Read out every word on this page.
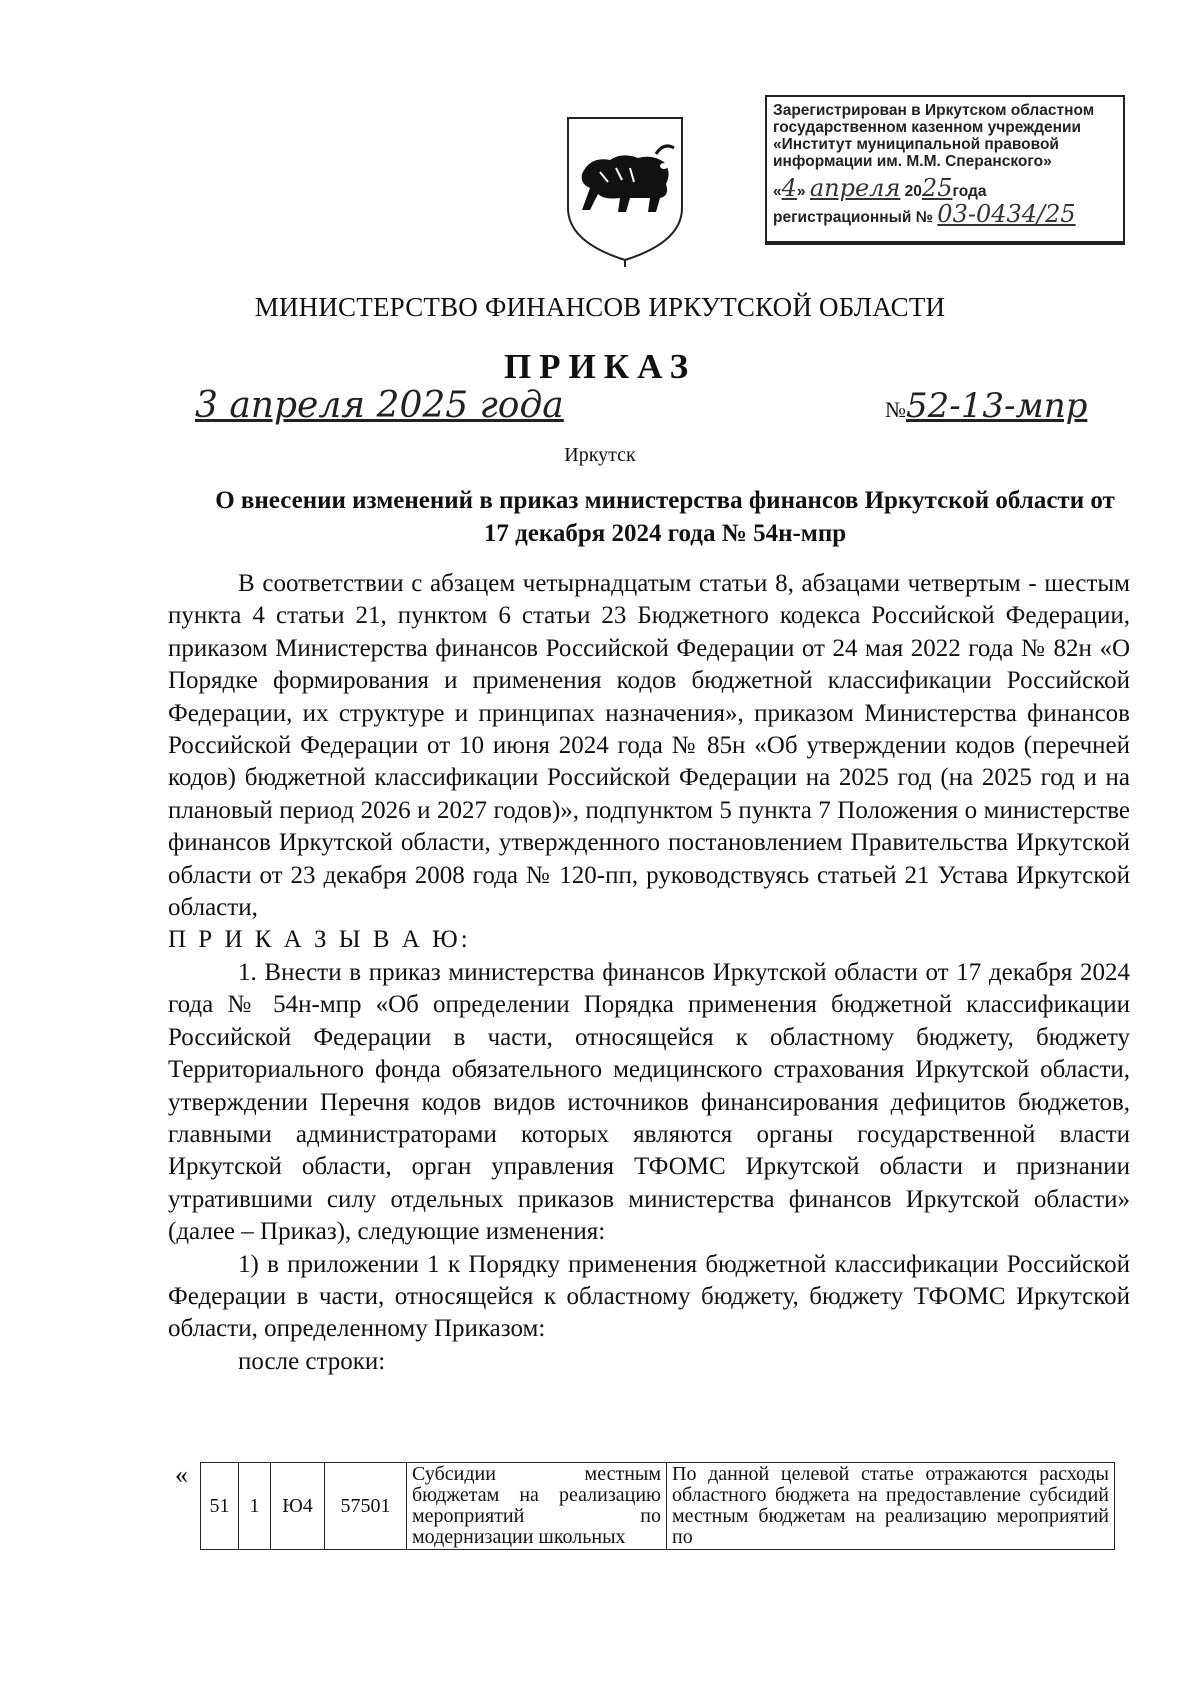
Зарегистрирован в Иркутском областном
государственном казенном учреждении
«Институт муниципальной правовой
информации им. М.М. Сперанского»
«4» апреля 2025года
регистрационный № 03-0434/25
МИНИСТЕРСТВО ФИНАНСОВ ИРКУТСКОЙ ОБЛАСТИ
ПРИКАЗ
3 апреля 2025 года	№52-13-мпр
Иркутск
О внесении изменений в приказ министерства финансов Иркутской области от 17 декабря 2024 года № 54н-мпр

В соответствии с абзацем четырнадцатым статьи 8, абзацами четвертым - шестым пункта 4 статьи 21, пунктом 6 статьи 23 Бюджетного кодекса Российской Федерации, приказом Министерства финансов Российской Федерации от 24 мая 2022 года № 82н «О Порядке формирования и применения кодов бюджетной классификации Российской Федерации, их структуре и принципах назначения», приказом Министерства финансов Российской Федерации от 10 июня 2024 года № 85н «Об утверждении кодов (перечней кодов) бюджетной классификации Российской Федерации на 2025 год (на 2025 год и на плановый период 2026 и 2027 годов)», подпунктом 5 пункта 7 Положения о министерстве финансов Иркутской области, утвержденного постановлением Правительства Иркутской области от 23 декабря 2008 года № 120-пп, руководствуясь статьей 21 Устава Иркутской области,

П Р И К А З Ы В А Ю:

1. Внести в приказ министерства финансов Иркутской области от 17 декабря 2024 года № 54н-мпр «Об определении Порядка применения бюджетной классификации Российской Федерации в части, относящейся к областному бюджету, бюджету Территориального фонда обязательного медицинского страхования Иркутской области, утверждении Перечня кодов видов источников финансирования дефицитов бюджетов, главными администраторами которых являются органы государственной власти Иркутской области, орган управления ТФОМС Иркутской области и признании утратившими силу отдельных приказов министерства финансов Иркутской области» (далее – Приказ), следующие изменения:

1) в приложении 1 к Порядку применения бюджетной классификации Российской Федерации в части, относящейся к областному бюджету, бюджету ТФОМС Иркутской области, определенному Приказом:

после строки:

«
51	1	Ю4	57501	Субсидии местным бюджетам на реализацию мероприятий по модернизации школьных	По данной целевой статье отражаются расходы областного бюджета на предоставление субсидий местным бюджетам на реализацию мероприятий по
